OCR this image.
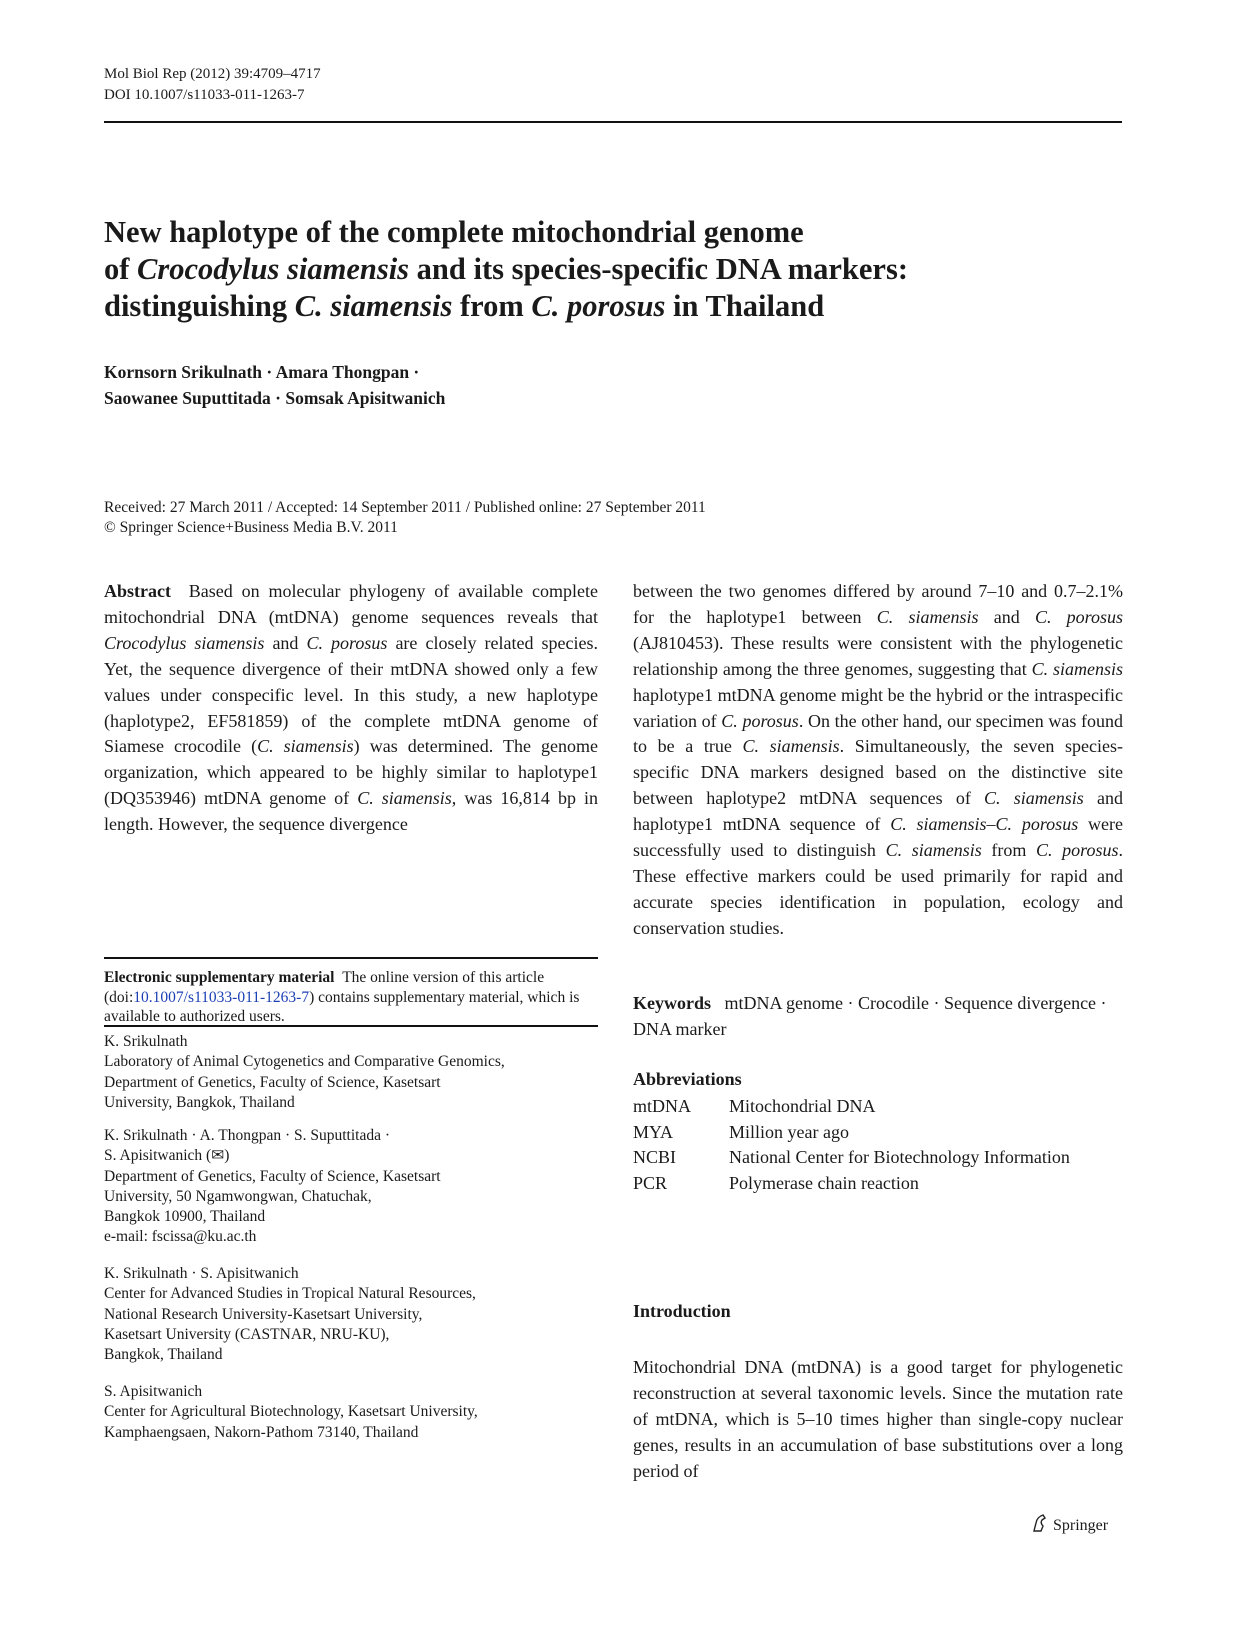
Mol Biol Rep (2012) 39:4709–4717
DOI 10.1007/s11033-011-1263-7
New haplotype of the complete mitochondrial genome
of Crocodylus siamensis and its species-specific DNA markers:
distinguishing C. siamensis from C. porosus in Thailand
Kornsorn Srikulnath · Amara Thongpan ·
Saowanee Suputtitada · Somsak Apisitwanich
Received: 27 March 2011 / Accepted: 14 September 2011 / Published online: 27 September 2011
© Springer Science+Business Media B.V. 2011

Abstract Based on molecular phylogeny of available complete mitochondrial DNA (mtDNA) genome sequences reveals that Crocodylus siamensis and C. porosus are closely related species. Yet, the sequence divergence of their mtDNA showed only a few values under conspecific level. In this study, a new haplotype (haplotype2, EF581859) of the complete mtDNA genome of Siamese crocodile (C. siamensis) was determined. The genome organization, which appeared to be highly similar to haplotype1 (DQ353946) mtDNA genome of C. siamensis, was 16,814 bp in length. However, the sequence divergence

Electronic supplementary material The online version of this article (doi:10.1007/s11033-011-1263-7) contains supplementary material, which is available to authorized users.
K. Srikulnath
Laboratory of Animal Cytogenetics and Comparative Genomics,
Department of Genetics, Faculty of Science, Kasetsart
University, Bangkok, Thailand
K. Srikulnath · A. Thongpan · S. Suputtitada ·
S. Apisitwanich (✉)
Department of Genetics, Faculty of Science, Kasetsart
University, 50 Ngamwongwan, Chatuchak,
Bangkok 10900, Thailand
e-mail: fscissa@ku.ac.th
K. Srikulnath · S. Apisitwanich
Center for Advanced Studies in Tropical Natural Resources,
National Research University-Kasetsart University,
Kasetsart University (CASTNAR, NRU-KU),
Bangkok, Thailand
S. Apisitwanich
Center for Agricultural Biotechnology, Kasetsart University,
Kamphaengsaen, Nakorn-Pathom 73140, Thailand

between the two genomes differed by around 7–10 and 0.7–2.1% for the haplotype1 between C. siamensis and C. porosus (AJ810453). These results were consistent with the phylogenetic relationship among the three genomes, suggesting that C. siamensis haplotype1 mtDNA genome might be the hybrid or the intraspecific variation of C. porosus. On the other hand, our specimen was found to be a true C. siamensis. Simultaneously, the seven species-specific DNA markers designed based on the distinctive site between haplotype2 mtDNA sequences of C. siamensis and haplotype1 mtDNA sequence of C. siamensis–C. porosus were successfully used to distinguish C. siamensis from C. porosus. These effective markers could be used primarily for rapid and accurate species identification in population, ecology and conservation studies.

Keywords mtDNA genome · Crocodile · Sequence divergence · DNA marker
Abbreviations
mtDNA Mitochondrial DNA
MYA	Million year ago
NCBI	National Center for Biotechnology Information
PCR	Polymerase chain reaction
Introduction
Mitochondrial DNA (mtDNA) is a good target for phylogenetic reconstruction at several taxonomic levels. Since the mutation rate of mtDNA, which is 5–10 times higher than single-copy nuclear genes, results in an accumulation of base substitutions over a long period of
Springer
